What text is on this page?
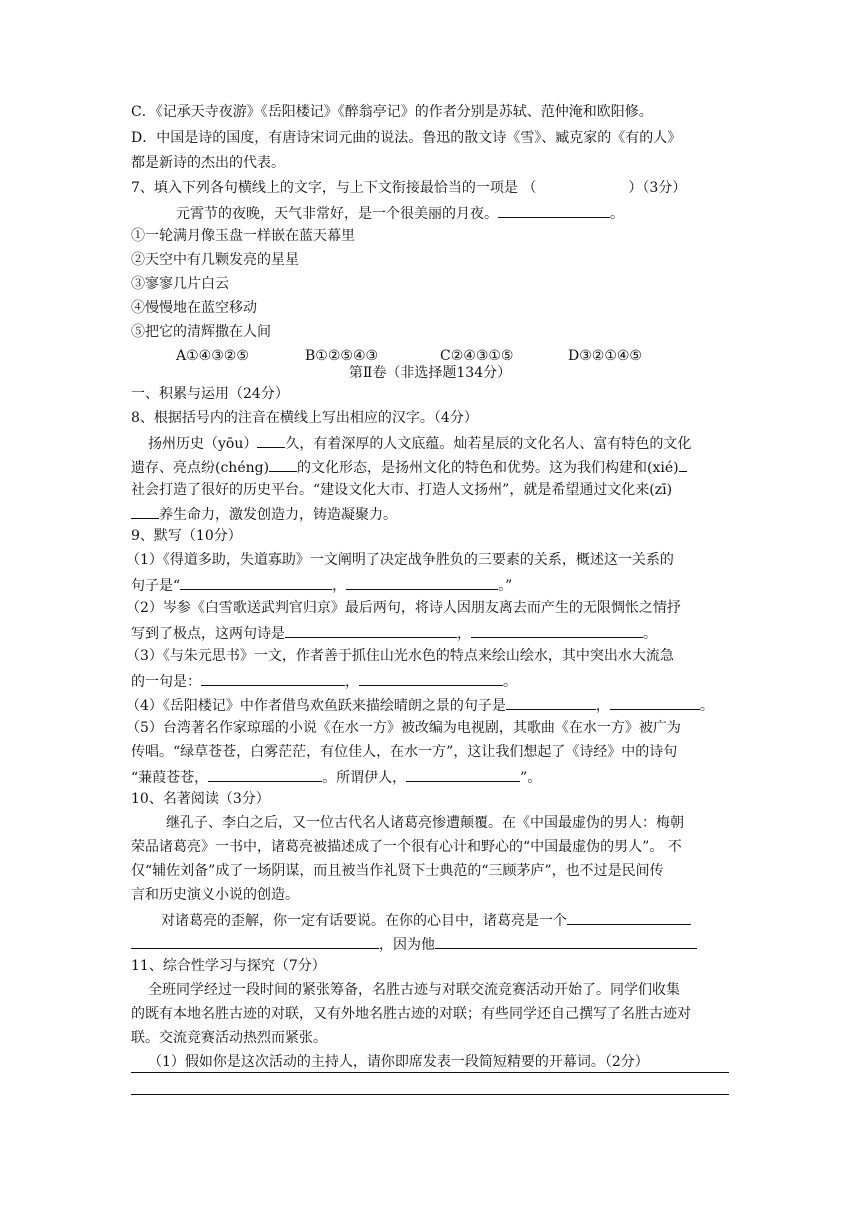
C．《记承天寺夜游》《岳阳楼记》《醉翁亭记》的作者分别是苏轼、范仲淹和欧阳修。
D．中国是诗的国度，有唐诗宋词元曲的说法。鲁迅的散文诗《雪》、臧克家的《有的人》
都是新诗的杰出的代表。
7、填入下列各句横线上的文字，与上下文衔接最恰当的一项是 （	）（3分）
元霄节的夜晚，天气非常好，是一个很美丽的月夜。	。
①一轮满月像玉盘一样嵌在蓝天幕里
②天空中有几颗发亮的星星
③寥寥几片白云
④慢慢地在蓝空移动
⑤把它的清辉撒在人间
A①④③②⑤	B①②⑤④③	C②④③①⑤	D③②①④⑤
第Ⅱ卷（非选择题134分）
一、积累与运用（24分）
8、根据括号内的注音在横线上写出相应的汉字。（4分）
扬州历史（yōu） 久，有着深厚的人文底蕴。灿若星辰的文化名人、富有特色的文化
遗存、亮点纷(chéng) 的文化形态，是扬州文化的特色和优势。这为我们构建和(xié)
社会打造了很好的历史平台。“建设文化大市、打造人文扬州”，就是希望通过文化来(zī)
养生命力，激发创造力，铸造凝聚力。
9、默写（10分）
（1）《得道多助，失道寡助》一文阐明了决定战争胜负的三要素的关系，概述这一关系的
句子是“	，	。”
（2）岑参《白雪歌送武判官归京》最后两句，将诗人因朋友离去而产生的无限惆怅之情抒
写到了极点，这两句诗是	，	。
（3）《与朱元思书》一文，作者善于抓住山光水色的特点来绘山绘水，其中突出水大流急
的一句是：	，	。
（4）《岳阳楼记》中作者借鸟欢鱼跃来描绘晴朗之景的句子是	，	。
（5）台湾著名作家琼瑶的小说《在水一方》被改编为电视剧，其歌曲《在水一方》被广为
传唱。“绿草苍苍，白雾茫茫，有位佳人，在水一方”，这让我们想起了《诗经》中的诗句
“蒹葭苍苍，	。所谓伊人，	”。
10、名著阅读（3分）
继孔子、李白之后，又一位古代名人诸葛亮惨遭颠覆。在《中国最虚伪的男人：梅朝
荣品诸葛亮》一书中，诸葛亮被描述成了一个很有心计和野心的“中国最虚伪的男人”。 不
仅“辅佐刘备”成了一场阴谋，而且被当作礼贤下士典范的“三顾茅庐”，也不过是民间传
言和历史演义小说的创造。
对诸葛亮的歪解，你一定有话要说。在你的心目中，诸葛亮是一个
，因为他
11、综合性学习与探究（7分）
全班同学经过一段时间的紧张筹备，名胜古迹与对联交流竞赛活动开始了。同学们收集
的既有本地名胜古迹的对联，又有外地名胜古迹的对联；有些同学还自己撰写了名胜古迹对
联。交流竞赛活动热烈而紧张。
（1）假如你是这次活动的主持人，请你即席发表一段简短精要的开幕词。（2分）
